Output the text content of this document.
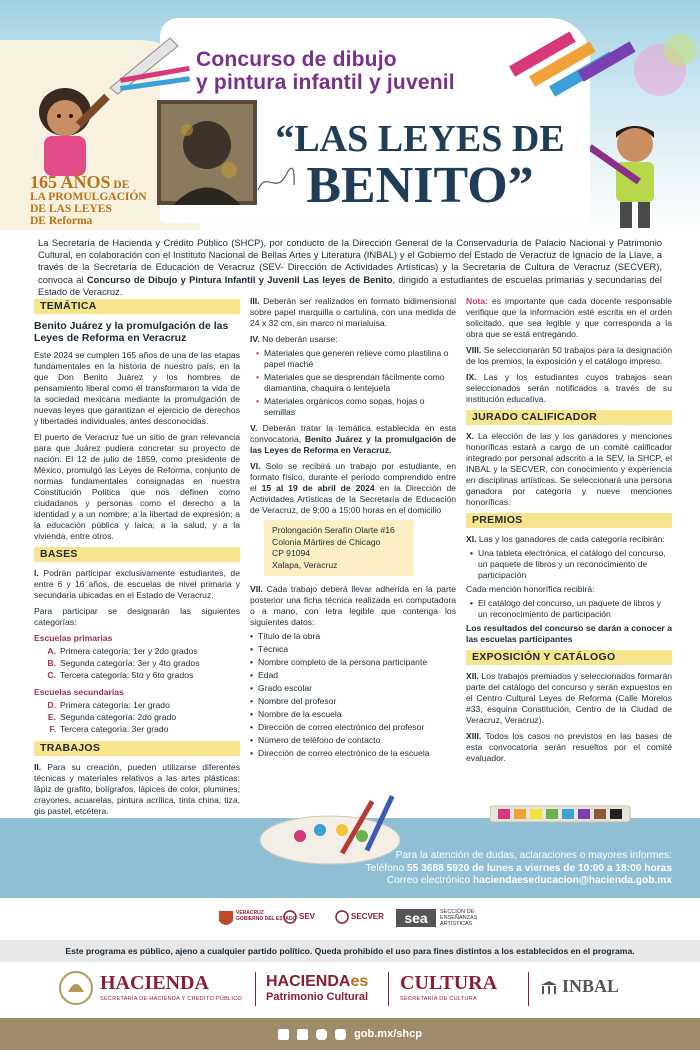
Concurso de dibujo
y pintura infantil y juvenil
“LAS LEYES DE
BENITO”
165 AÑOS DE
LA PROMULGACIÓN
DE LAS LEYES
DE Reforma
La Secretaría de Hacienda y Crédito Público (SHCP), por conducto de la Dirección General de la Conservaduría de Palacio Nacional y Patrimonio Cultural, en colaboración con el Instituto Nacional de Bellas Artes y Literatura (INBAL) y el Gobierno del Estado de Veracruz de Ignacio de la Llave, a través de la Secretaría de Educación de Veracruz (SEV- Dirección de Actividades Artísticas) y la Secretaría de Cultura de Veracruz (SECVER), convoca al Concurso de Dibujo y Pintura Infantil y Juvenil Las leyes de Benito, dirigido a estudiantes de escuelas primarias y secundarias del Estado de Veracruz.
TEMÁTICA
Benito Juárez y la promulgación de las Leyes de Reforma en Veracruz

Este 2024 se cumplen 165 años de una de las etapas fundamentales en la historia de nuestro país, en la que Don Benito Juárez y los hombres de pensamiento liberal como él transformaron la vida de la sociedad mexicana mediante la promulgación de nuevas leyes que garantizan el ejercicio de derechos y libertades individuales, antes desconocidas.

El puerto de Veracruz fue un sitio de gran relevancia para que Juárez pudiera concretar su proyecto de nación. El 12 de julio de 1859, como presidente de México, promulgó las Leyes de Reforma, conjunto de normas fundamentales consignadas en nuestra Constitución Política que nos definen como ciudadanos y personas como el derecho a la identidad y a un nombre; a la libertad de expresión; a la educación pública y laica; a la salud, y a la vivienda, entre otros.

BASES

I. Podrán participar exclusivamente estudiantes, de entre 6 y 16 años, de escuelas de nivel primaria y secundaria ubicadas en el Estado de Veracruz.

Para participar se designarán las siguientes categorías:

Escuelas primarias
A. Primera categoría: 1er y 2do grados
B. Segunda categoría: 3er y 4to grados
C. Tercera categoría: 5to y 6to grados
Escuelas secundarias
D. Primera categoría: 1er grado
E. Segunda categoría: 2do grado
F. Tercera categoría: 3er grado
TRABAJOS

II. Para su creación, pueden utilizarse diferentes técnicas y materiales relativos a las artes plásticas: lápiz de grafito, bolígrafos, lápices de color, plumines, crayones, acuarelas, pintura acrílica, tinta china, tiza, gis pastel, etcétera.

III. Deberán ser realizados en formato bidimensional sobre papel marquilla o cartulina, con una medida de 24 x 32 cm, sin marco ni marialuisa.

IV. No deberán usarse:

• Materiales que generen relieve como plastilina o papel maché
• Materiales que se desprendan fácilmente como diamantina, chaquira o lentejuela
• Materiales orgánicos como sopas, hojas o semillas

V. Deberán tratar la temática establecida en esta convocatoria, Benito Juárez y la promulgación de las Leyes de Reforma en Veracruz.

VI. Solo se recibirá un trabajo por estudiante, en formato físico, durante el periodo comprendido entre el 15 al 19 de abril de 2024 en la Dirección de Actividades Artísticas de la Secretaría de Educación de Veracruz, de 9:00 a 15:00 horas en el domicilio

Prolongación Serafín Olarte #16
Colonia Mártires de Chicago
CP 91094
Xalapa, Veracruz

VII. Cada trabajo deberá llevar adherida en la parte posterior una ficha técnica realizada en computadora o a mano, con letra legible que contenga los siguientes datos:

• Título de la obra
• Técnica
• Nombre completo de la persona participante
• Edad
• Grado escolar
• Nombre del profesor
• Nombre de la escuela
• Dirección de correo electrónico del profesor
• Número de teléfono de contacto
• Dirección de correo electrónico de la escuela

Nota: es importante que cada docente responsable verifique que la información esté escrita en el orden solicitado, que sea legible y que corresponda a la obra que se está entregando.

VIII. Se seleccionarán 50 trabajos para la designación de los premios, la exposición y el catálogo impreso.

IX. Las y los estudiantes cuyos trabajos sean seleccionados serán notificados a través de su institución educativa.

JURADO CALIFICADOR

X. La elección de las y los ganadores y menciones honoríficas estará a cargo de un comité calificador integrado por personal adscrito a la SEV, la SHCP, el INBAL y la SECVER, con conocimiento y experiencia en disciplinas artísticas. Se seleccionará una persona ganadora por categoría y nueve menciones honoríficas.

PREMIOS

XI. Las y los ganadores de cada categoría recibirán:

• Una tableta electrónica, el catálogo del concurso, un paquete de libros y un reconocimiento de participación

Cada mención honorífica recibirá:

• El catálogo del concurso, un paquete de libros y un reconocimiento de participación

Los resultados del concurso se darán a conocer a las escuelas participantes

EXPOSICIÓN Y CATÁLOGO

XII. Los trabajos premiados y seleccionados formarán parte del catálogo del concurso y serán expuestos en el Centro Cultural Leyes de Reforma (Calle Morelos #33, esquina Constitución, Centro de la Ciudad de Veracruz, Veracruz).

XIII. Todos los casos no previstos en las bases de esta convocatoria serán resueltos por el comité evaluador.

Para la atención de dudas, aclaraciones o mayores informes:
Teléfono 55 3688 5920 de lunes a viernes de 10:00 a 18:00 horas
Correo electrónico haciendaeseducacion@hacienda.gob.mx
VERACRUZ
GOBIERNO DEL ESTADO SEV	SECVER	sea	SECCIÓN DE
ENSEÑANZAS
ARTÍSTICAS
Este programa es público, ajeno a cualquier partido político. Queda prohibido el uso para fines distintos a los establecidos en el programa.
HACIENDA
SECRETARÍA DE HACIENDA Y CRÉDITO PÚBLICO
HACIENDAes
Patrimonio Cultural
CULTURA
SECRETARÍA DE CULTURA
INBAL
gob.mx/shcp
